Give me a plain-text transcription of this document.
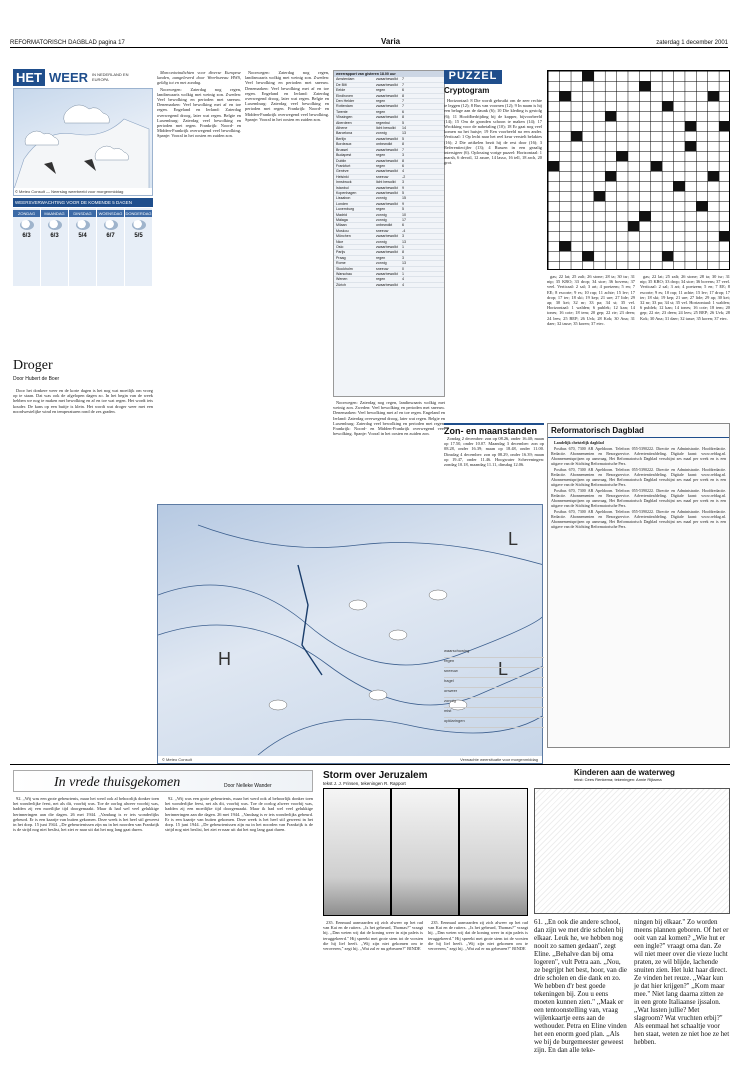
REFORMATORISCH DAGBLAD pagina 17	Varia	zaterdag 1 december 2001
HET WEER IN NEDERLAND EN EUROPA
© Meteo Consult — Neerslag weerbeeld voor morgenmiddag
WEERSVERWACHTING VOOR DE KOMENDE 5 DAGEN
ZONDAG
6/3
MAANDAG
6/3
DINSDAG
5/4
WOENSDAG
6/7
DONDERDAG
5/5
Droger
Door Hubert de Boer

Door het donkere weer en de korte dagen is het nog wat moeilijk om vroeg op te staan. Dat was ook de afgelopen dagen zo. In het begin van de week hebben we nog te maken met bewolking en af en toe wat regen. Het wordt iets kouder. De kans op een buitje is klein. Het wordt wat droger weer met een noordwestelijke wind en temperaturen rond de zes graden.

Marconiwindichten voor diverse Europese landen, aangeleverd door Weerbureau HWS, geldig tot en met zondag.

Noorwegen: Zaterdag nog regen, landinwaarts wolkig met weinig zon. Zweden: Veel bewolking en perioden met sneeuw. Denemarken: Veel bewolking met af en toe regen. Engeland en Ierland: Zaterdag overwegend droog, later wat regen. Belgie en Luxemburg: Zaterdag veel bewolking en perioden met regen. Frankrijk: Noord- en Midden-Frankrijk overwegend veel bewolking. Spanje: Vooral in het oosten en zuiden zon.

Noorwegen: Zaterdag nog regen, landinwaarts wolkig met weinig zon. Zweden: Veel bewolking en perioden met sneeuw. Denemarken: Veel bewolking met af en toe regen. Engeland en Ierland: Zaterdag overwegend droog, later wat regen. Belgie en Luxemburg: Zaterdag veel bewolking en perioden met regen. Frankrijk: Noord- en Midden-Frankrijk overwegend veel bewolking. Spanje: Vooral in het oosten en zuiden zon.

weerrapport van gisteren 18.00 uur
Amsterdam	zwaarbewolkt	7
De Bilt	zwaarbewolkt	7
Eelde	regen	6
Eindhoven	zwaarbewolkt	8
Den Helder	regen	7
Rotterdam	zwaarbewolkt	7
Twente	regen	6
Vlissingen	zwaarbewolkt	8
Aberdeen	regenbui	5
Athene	licht bewolkt	14
Barcelona	zonnig	13
Berlijn	zwaarbewolkt	5
Bordeaux	onbewolkt	8
Brussel	zwaarbewolkt	7
Budapest	regen	3
Dublin	zwaarbewolkt	8
Frankfurt	regen	6
Genève	zwaarbewolkt	4
Helsinki	sneeuw	-2
Innsbruck	licht bewolkt	3
Istanbul	zwaarbewolkt	9
Kopenhagen	zwaarbewolkt	5
Lissabon	zonnig	15
Londen	zwaarbewolkt	9
Luxemburg	regen	5
Madrid	zonnig	10
Málaga	zonnig	17
Milaan	onbewolkt	6
Moskou	sneeuw	-4
München	zwaarbewolkt	3
Nice	zonnig	13
Oslo	zwaarbewolkt	1
Parijs	zwaarbewolkt	8
Praag	regen	3
Rome	zonnig	13
Stockholm	sneeuw	0
Warschau	zwaarbewolkt	1
Wenen	regen	4
Zürich	zwaarbewolkt	4

Noorwegen: Zaterdag nog regen, landinwaarts wolkig met weinig zon. Zweden: Veel bewolking en perioden met sneeuw. Denemarken: Veel bewolking met af en toe regen. Engeland en Ierland: Zaterdag overwegend droog, later wat regen. Belgie en Luxemburg: Zaterdag veel bewolking en perioden met regen. Frankrijk: Noord- en Midden-Frankrijk overwegend veel bewolking. Spanje: Vooral in het oosten en zuiden zon.

PUZZEL
Cryptogram

Horizontaal: 8 Die wordt gebruikt om de zeer rechte te leggen (12); 8 Bus van voornen (12); 9 In naam is hij een belage aan de daunk (6); 10 Die kleding is gestolg (6); 11 Hoofdbedrijding bij de kapper, bijvoorbeeld (14); 15 Om de gronden schoon te maken (14); 17 Wrokking voor de nabetaling (10); 18 Er gaat nog veel komen na het huisje; 19 Een voorbeeld na een ander. Verticaal: 1 Op lecht naar het reel keur verstelt belaktes (16); 2 Die artikelen bezit hij de rest door (16); 3 Referentiecijfer (13); 4 Russen in een geaalig intersigeer (6). Oplossing vorige puzzel: Horizontaal: 1 marsh, 6 devotl, 12 azure, 14 lasso, 16 tell, 18 arch, 20 grot.

gas; 22 lat; 25 zalt; 26 stone; 28 ta; 30 tsr; 31 nip; 35 KRO; 33 drop; 34 stoe; 36 bovens; 37 veel. Verticaal: 2 sal; 3 art; 4 poetzem; 5 en; 7 EE; 8 escorte; 9 es; 10 rap; 11 achte; 15 lev; 17 drop; 17 ter; 18 ski; 19 kep; 21 ure; 27 lide; 29 ap; 30 kei; 32 nr; 33 pa; 34 st; 35 vel. Horizontaal: 1 walden; 6 publek; 12 kan; 14 tones; 16 cote; 18 tem; 20 gep; 22 rie; 23 deen; 24 lees; 25 BEP; 26 Uvk; 28 Kok; 30 Ana; 31 daer; 32 tasse; 35 koren; 37 etec.

gas; 22 lat; 25 zalt; 26 stone; 28 ta; 30 tsr; 31 nip; 35 KRO; 33 drop; 34 stoe; 36 bovens; 37 veel. Verticaal: 2 sal; 3 art; 4 poetzem; 5 en; 7 EE; 8 escorte; 9 es; 10 rap; 11 achte; 15 lev; 17 drop; 17 ter; 18 ski; 19 kep; 21 ure; 27 lide; 29 ap; 30 kei; 32 nr; 33 pa; 34 st; 35 vel. Horizontaal: 1 walden; 6 publek; 12 kan; 14 tones; 16 cote; 18 tem; 20 gep; 22 rie; 23 deen; 24 lees; 25 BEP; 26 Uvk; 28 Kok; 30 Ana; 31 daer; 32 tasse; 35 koren; 37 etec.

Zon- en maanstanden

Zondag 2 december: zon op 08.26, onder 16.40; maan op 17.50, onder 10.07. Maandag 3 december: zon op 08.28, onder 16.39; maan op 18.48, onder 11.00. Dinsdag 4 december: zon op 08.29, onder 16.39; maan op 19.47, onder 11.46. Hoogwater Scheveningen: zondag 10.18, maandag 11.11, dinsdag 12.06.

Reformatorisch Dagblad

Landelijk christelijk dagblad

Postbus 670, 7300 AR Apeldoorn. Telefoon 055-5390222. Directie en Administratie. Hoofdredactie. Redactie. Abonnementen en Bezorgservice. Advertentieafdeling. Digitale krant: www.refdag.nl. Abonnementsprijzen op aanvraag. Het Reformatorisch Dagblad verschijnt zes maal per week en is een uitgave van de Stichting Reformatorische Pers.

Postbus 670, 7300 AR Apeldoorn. Telefoon 055-5390222. Directie en Administratie. Hoofdredactie. Redactie. Abonnementen en Bezorgservice. Advertentieafdeling. Digitale krant: www.refdag.nl. Abonnementsprijzen op aanvraag. Het Reformatorisch Dagblad verschijnt zes maal per week en is een uitgave van de Stichting Reformatorische Pers.

Postbus 670, 7300 AR Apeldoorn. Telefoon 055-5390222. Directie en Administratie. Hoofdredactie. Redactie. Abonnementen en Bezorgservice. Advertentieafdeling. Digitale krant: www.refdag.nl. Abonnementsprijzen op aanvraag. Het Reformatorisch Dagblad verschijnt zes maal per week en is een uitgave van de Stichting Reformatorische Pers.

Postbus 670, 7300 AR Apeldoorn. Telefoon 055-5390222. Directie en Administratie. Hoofdredactie. Redactie. Abonnementen en Bezorgservice. Advertentieafdeling. Digitale krant: www.refdag.nl. Abonnementsprijzen op aanvraag. Het Reformatorisch Dagblad verschijnt zes maal per week en is een uitgave van de Stichting Reformatorische Pers.

L
L
H
© Meteo Consult	Verwachte weersituatie voor morgenmiddag
waarschuwing
regen
sneeuw
hagel
onweer
zonnig
mist
opklaringen
In vrede thuisgekomen	Door Nelleke Wander

92. ,,Wij was een grote gebeurtenis, maar het werd ook al behoorlijk donker toen het wonderlijke feest, net als dit, voorbij was. Toe de oorlog alweer voorbij was, hadden zij een moeilijke tijd doorgemaakt. Maar ik had wel veel gelukkige herinneringen aan die dagen. 26 mei 1944. ,,Vandaag is er iets wonderlijks gebeurd. Er is een kaartje van buiten gekomen. Deze week is het heel stil geweest in het dorp. 15 juni 1944. ,,De gebeurtenissen zijn nu in het noorden van Frankrijk is de strijd nog niet beslist, het ziet er naar uit dat het nog lang gaat duren.

92. ,,Wij was een grote gebeurtenis, maar het werd ook al behoorlijk donker toen het wonderlijke feest, net als dit, voorbij was. Toe de oorlog alweer voorbij was, hadden zij een moeilijke tijd doorgemaakt. Maar ik had wel veel gelukkige herinneringen aan die dagen. 26 mei 1944. ,,Vandaag is er iets wonderlijks gebeurd. Er is een kaartje van buiten gekomen. Deze week is het heel stil geweest in het dorp. 15 juni 1944. ,,De gebeurtenissen zijn nu in het noorden van Frankrijk is de strijd nog niet beslist, het ziet er naar uit dat het nog lang gaat duren.

Storm over Jeruzalem
tekst J. J. Frinsen, tekeningen R. Rapport

235. Eenmaal aanvaarden zij zich alweer op het rad van Kai en de ruiters. ,,Is het gebeurd, Thomas?" vraagt hij. ,,Dan weten wij dat de koning weer in zijn paleis is teruggekeerd." Hij spreekt met grote stem tot de vorsten die hij lief heeft. ,,Wij zijn niet gekomen om te veroveren," zegt hij. ,,Wat zal er nu gebeuren?" BINDE

235. Eenmaal aanvaarden zij zich alweer op het rad van Kai en de ruiters. ,,Is het gebeurd, Thomas?" vraagt hij. ,,Dan weten wij dat de koning weer in zijn paleis is teruggekeerd." Hij spreekt met grote stem tot de vorsten die hij lief heeft. ,,Wij zijn niet gekomen om te veroveren," zegt hij. ,,Wat zal er nu gebeuren?" BINDE

Kinderen aan de waterweg
tekst: Cees Renkema; tekeningen: Annie Rijksma
61. ,,En ook die andere school, dan zijn we met drie scholen bij elkaar. Leuk he, we hebben nog nooit zo samen gedaan", zegt Eline. ,,Behalve dan bij oma logeren", vult Petra aan. ,,Nou, ze begrijpt het best, hoor, van die drie scholen en die dank en zo. We hebben d'r best goede tekeningen bij. Zou u eens moeten kunnen zien." ,,Maak er een tentoonstelling van, vraag wijlenkaartje eens aan de wethouder. Petra en Eline vinden het een enorm goed plan. ,,Als we bij de burgemeester geweest zijn. En dan alle teke-
ningen bij elkaar." Zo worden meens plannen geboren. Of het er ooit van zal komen? ,,Wie hut er een ingle?" vraagt oma dan. Ze wil niet meer over die vieze lucht praten, ze wil blijde, lachende snuiten zien. Het lukt haar direct. Ze vinden het reuze. ,,Waar kun je dat hier krijgen?" ,,Kom maar mee." Niet lang daarna zitten ze in een grote Italiaanse ijssalon. ,,Wat lusten jullie? Met slagroom? Wat vruchten erbij?" Als eenmaal het schaaltje voor hen staat, weten ze niet hoe ze het hebben.
